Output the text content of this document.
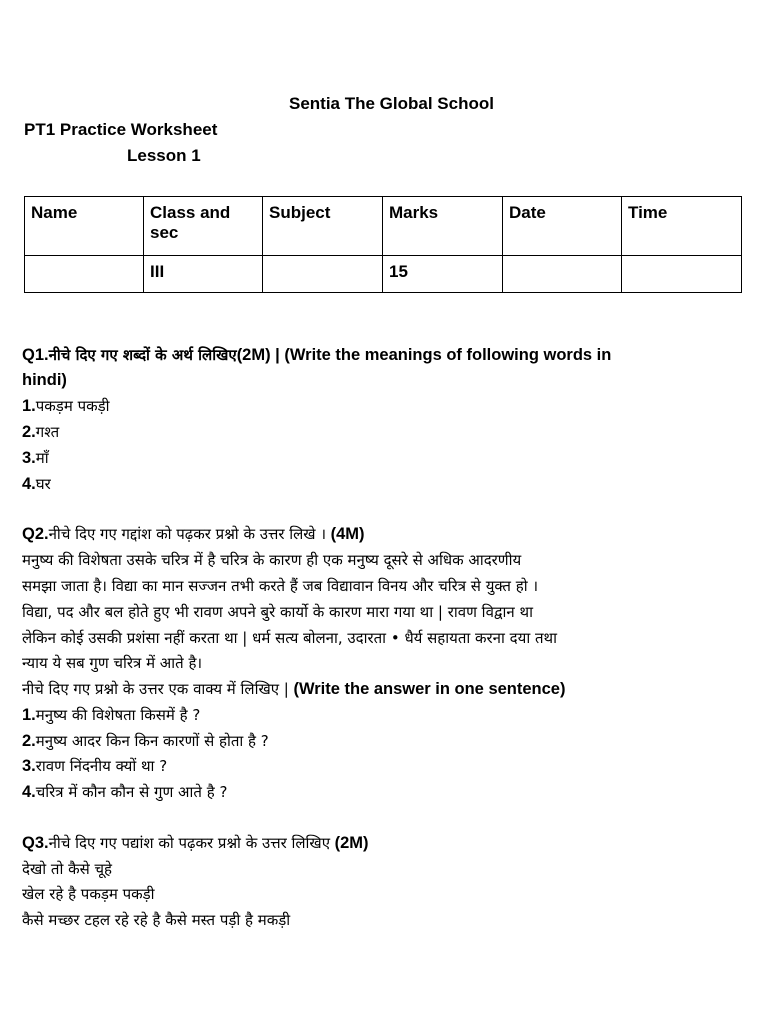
Sentia The Global School
PT1 Practice Worksheet
Lesson 1
Name	Class and sec	Subject	Marks	Date	Time
	III		15		
Q1.नीचे दिए गए शब्दों के अर्थ लिखिए(2M) | (Write the meanings of following words in
hindi)
1.पकड़म पकड़ी
2.गश्त
3.माँ
4.घर
Q2.नीचे दिए गए गद्दांश को पढ़कर प्रश्नो के उत्तर लिखे । (4M)
मनुष्य की विशेषता उसके चरित्र में है चरित्र के कारण ही एक मनुष्य दूसरे से अधिक आदरणीय
समझा जाता है। विद्या का मान सज्जन तभी करते हैं जब विद्यावान विनय और चरित्र से युक्त हो ।
विद्या, पद और बल होते हुए भी रावण अपने बुरे कार्यो के कारण मारा गया था | रावण विद्वान था
लेकिन कोई उसकी प्रशंसा नहीं करता था | धर्म सत्य बोलना, उदारता • धैर्य सहायता करना दया तथा
न्याय ये सब गुण चरित्र में आते है।
नीचे दिए गए प्रश्नो के उत्तर एक वाक्य में लिखिए | (Write the answer in one sentence)
1.मनुष्य की विशेषता किसमें है ?
2.मनुष्य आदर किन किन कारणों से होता है ?
3.रावण निंदनीय क्यों था ?
4.चरित्र में कौन कौन से गुण आते है ?
Q3.नीचे दिए गए पद्यांश को पढ़कर प्रश्नो के उत्तर लिखिए (2M)
देखो तो कैसे चूहे
खेल रहे है पकड़म पकड़ी
कैसे मच्छर टहल रहे रहे है कैसे मस्त पड़ी है मकड़ी
